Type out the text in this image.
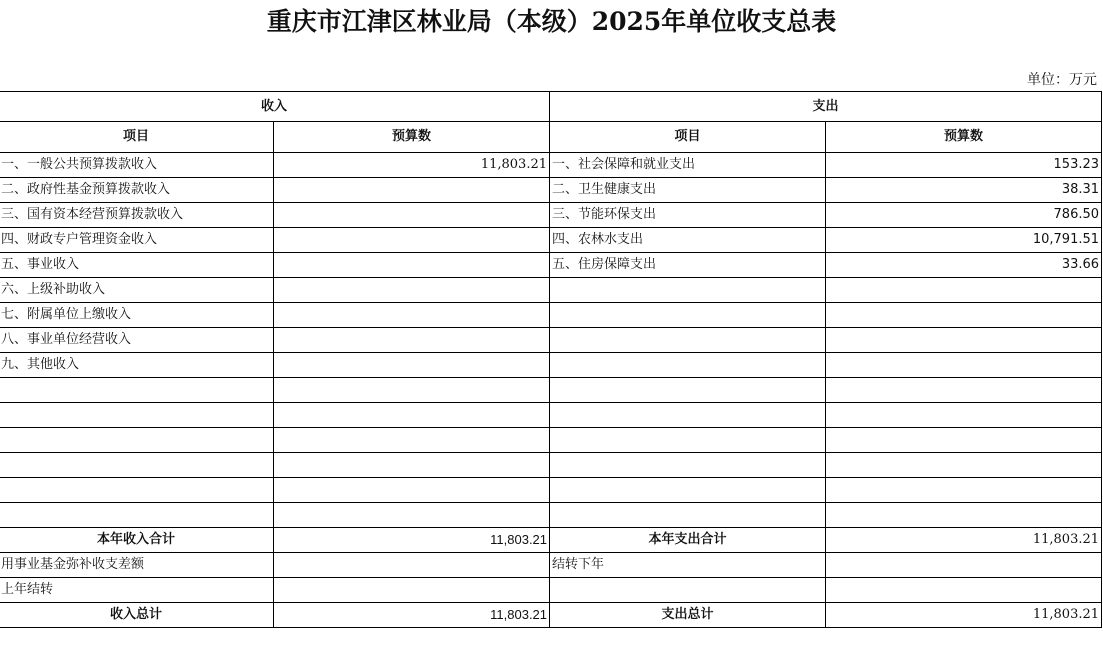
重庆市江津区林业局（本级）2025年单位收支总表
单位：万元
收入		支出	
项目	预算数	项目	预算数
一、一般公共预算拨款收入	11,803.21	一、社会保障和就业支出	153.23
二、政府性基金预算拨款收入		二、卫生健康支出	38.31
三、国有资本经营预算拨款收入		三、节能环保支出	786.50
四、财政专户管理资金收入		四、农林水支出	10,791.51
五、事业收入		五、住房保障支出	33.66
六、上级补助收入			
七、附属单位上缴收入			
八、事业单位经营收入			
九、其他收入			

本年收入合计	11,803.21	本年支出合计	11,803.21
用事业基金弥补收支差额		结转下年	
上年结转			
收入总计	11,803.21	支出总计	11,803.21
